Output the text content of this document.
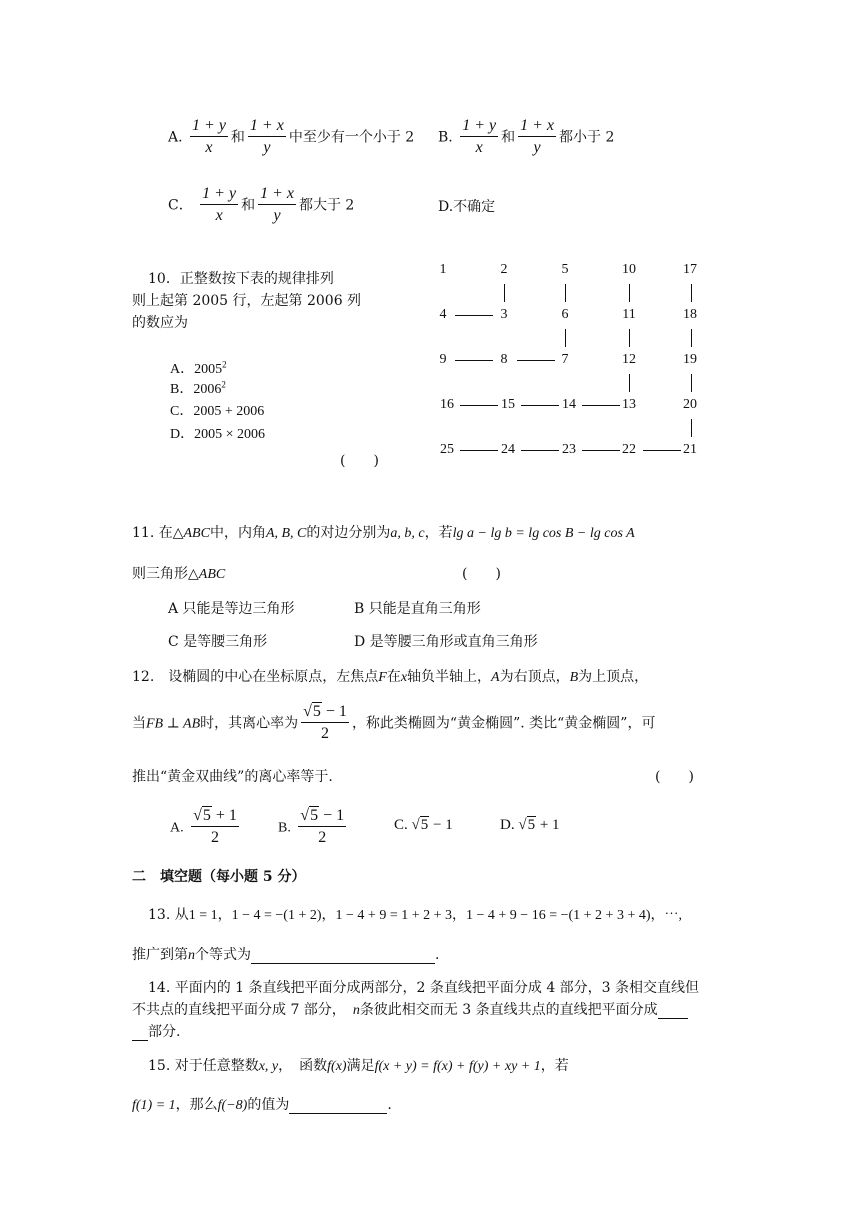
A. $\frac{1 + y}{x}$ 和 $\frac{1 + x}{y}$ 中至少有一个小于 2 B. $\frac{1 + y}{x}$ 和 $\frac{1 + x}{y}$ 都小于 2
C． $\frac{1 + y}{x}$ 和 $\frac{1 + x}{y}$ 都大于 2	D.不确定
10．正整数按下表的规律排列
则上起第 2005 行，左起第 2006 列
的数应为
A．2005$^2$
B．2006$^2$
C．2005 + 2006
D．2005 × 2006
(　　)
1	2	5	10	17
4	3	6	11	18
9	8	7	12	19
16	15	14	13	20
25	24	23	22	21
11. 在△ABC中，内角A, B, C的对边分别为a, b, c，若lg a − lg b = lg cos B − lg cos A
则三角形△ABC	(　　)
A 只能是等边三角形	B 只能是直角三角形
C 是等腰三角形	D 是等腰三角形或直角三角形
12.　设椭圆的中心在坐标原点，左焦点F在x轴负半轴上，A为右顶点，B为上顶点，
当FB ⊥ AB时，其离心率为 $\frac{√5 - 1}{2}$ ，称此类椭圆为“黄金椭圆”. 类比“黄金椭圆”，可
推出“黄金双曲线”的离心率等于.	(　　)
A. $\frac{√5 + 1}{2}$	B. $\frac{√5 - 1}{2}$	C. √5 − 1	D. √5 + 1
二　填空题（每小题 5 分）
13. 从1 = 1，1 − 4 = −(1 + 2)，1 − 4 + 9 = 1 + 2 + 3，1 − 4 + 9 − 16 = −(1 + 2 + 3 + 4)，⋯,
推广到第n个等式为	.
14. 平面内的 1 条直线把平面分成两部分，2 条直线把平面分成 4 部分，3 条相交直线但
不共点的直线把平面分成 7 部分，　n条彼此相交而无 3 条直线共点的直线把平面分成
部分.
15. 对于任意整数x, y，　函数f(x)满足f(x + y) = f(x) + f(y) + xy + 1，若
f(1) = 1，那么f(−8)的值为	.
